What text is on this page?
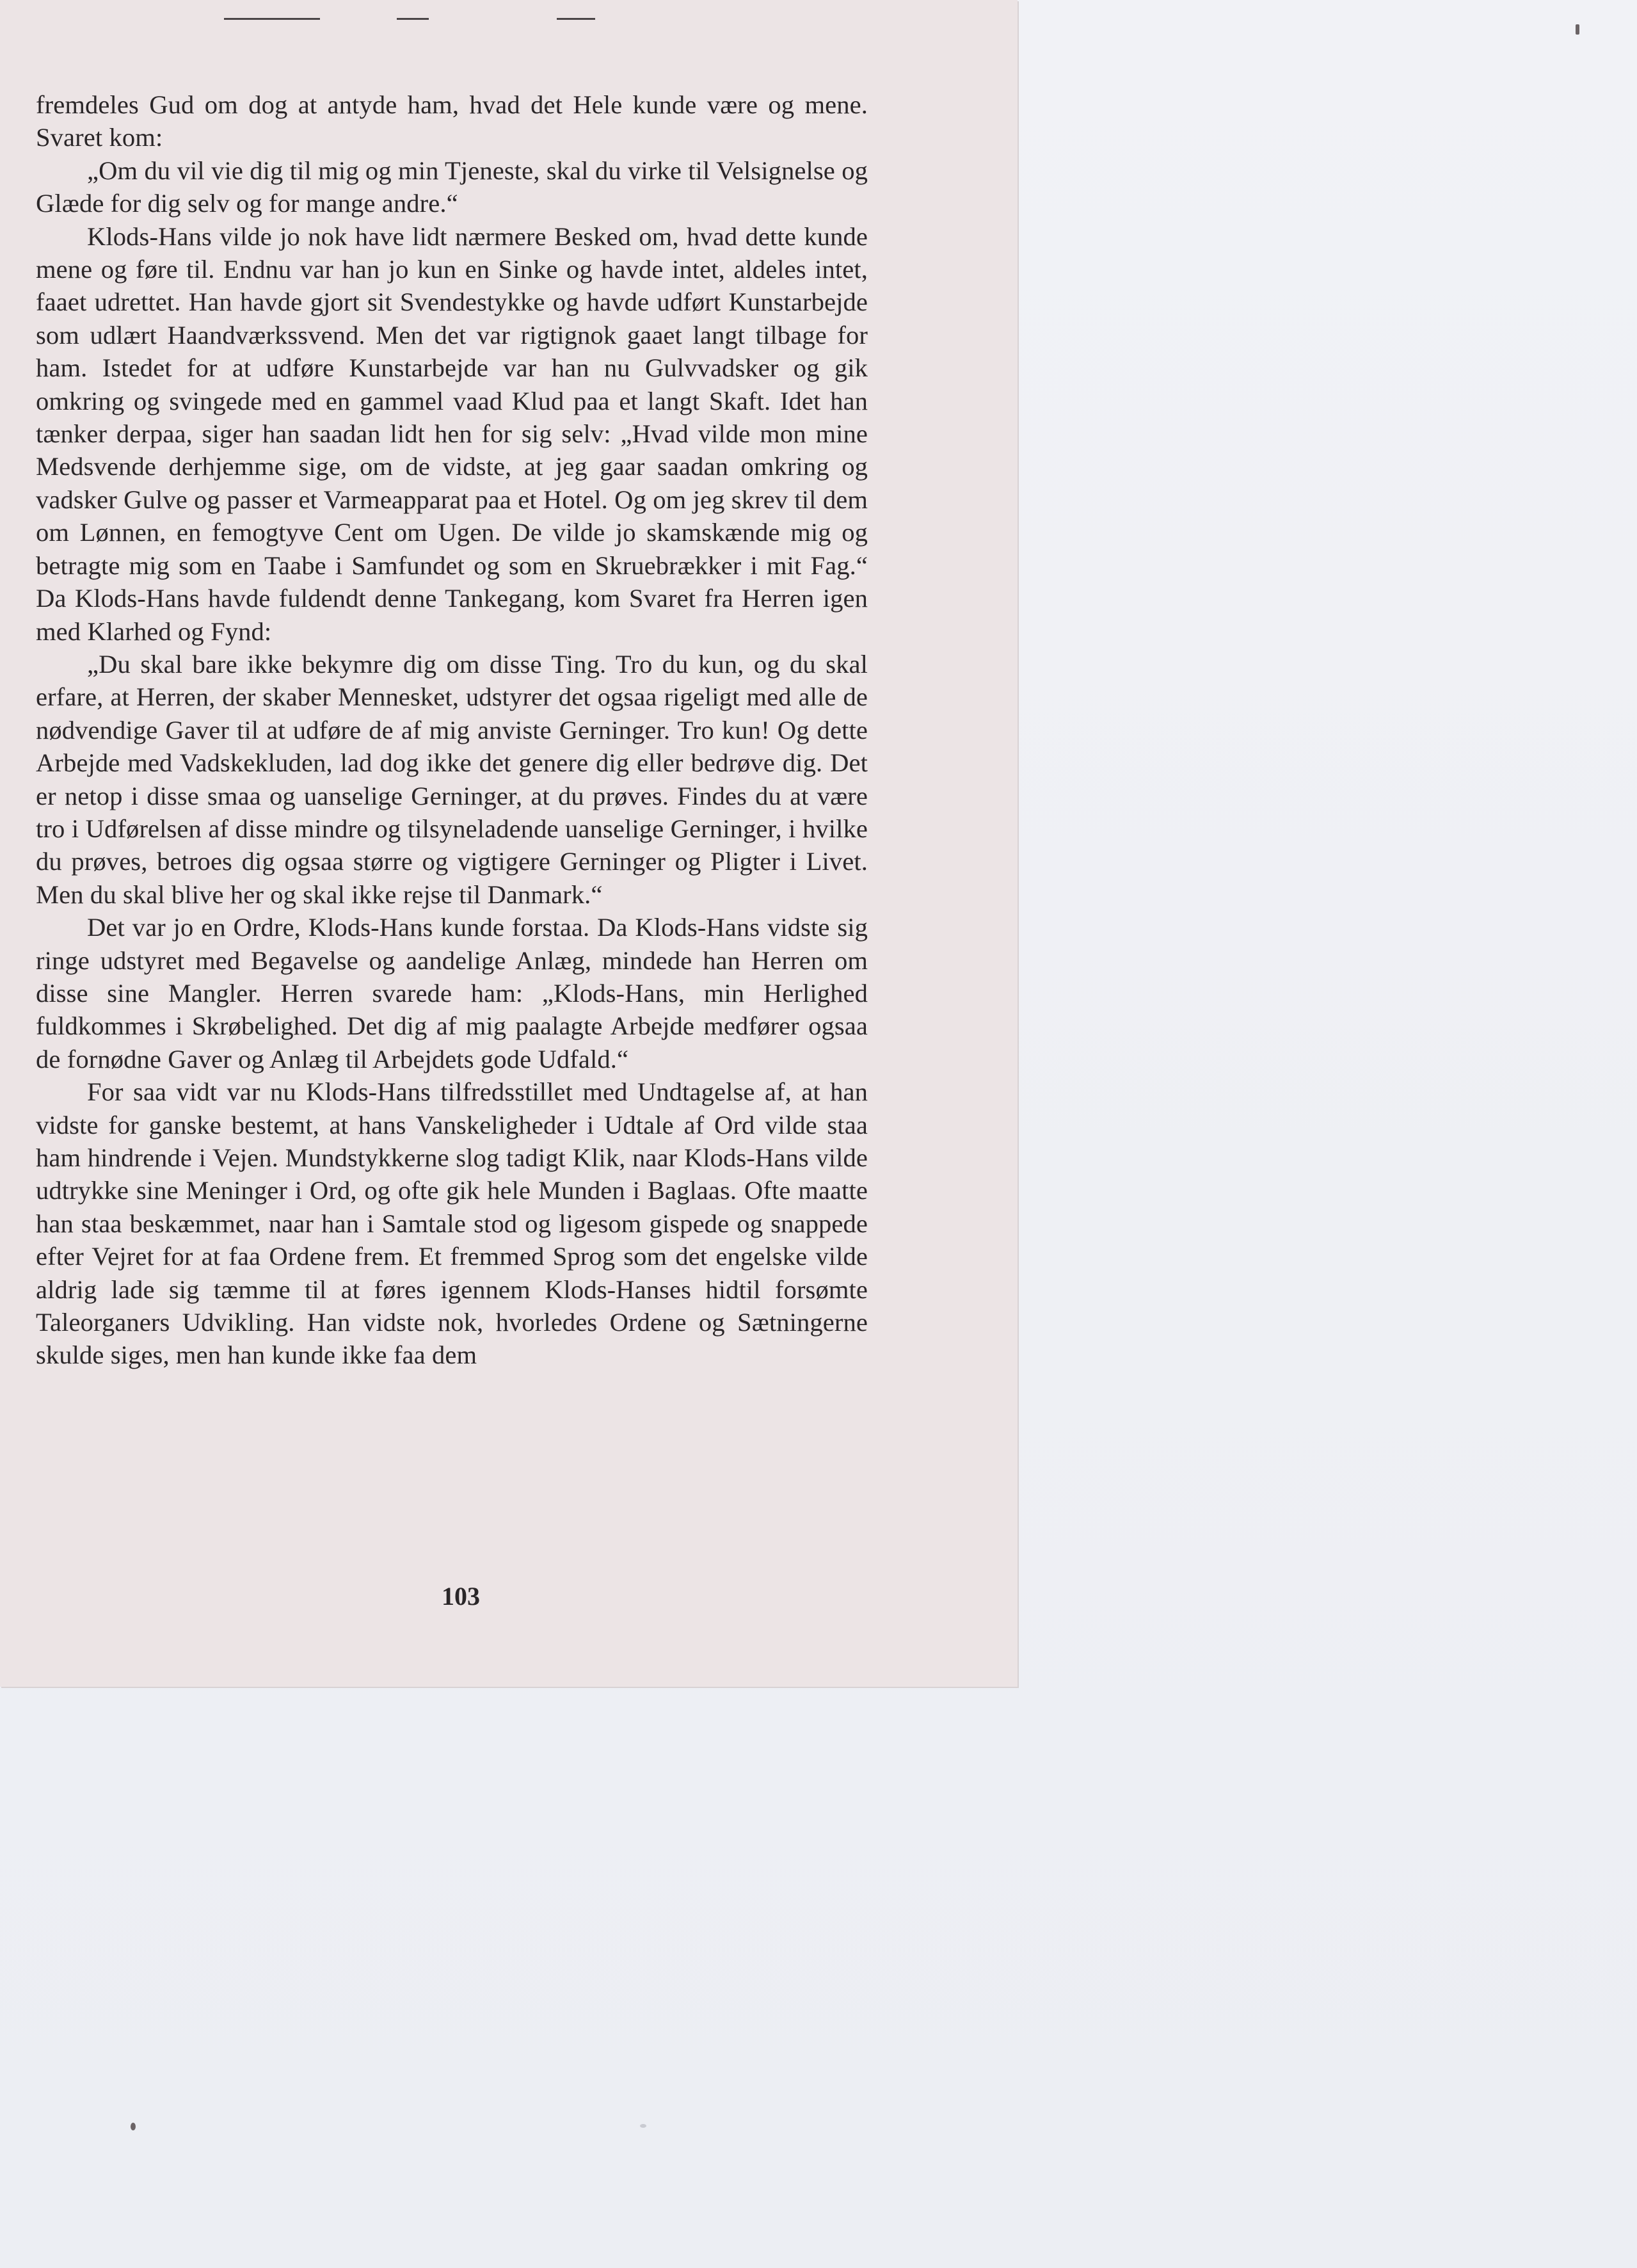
fremdeles Gud om dog at antyde ham, hvad det Hele kunde være og mene. Svaret kom:

„Om du vil vie dig til mig og min Tjeneste, skal du virke til Velsignelse og Glæde for dig selv og for mange andre.“

Klods-Hans vilde jo nok have lidt nærmere Besked om, hvad dette kunde mene og føre til. Endnu var han jo kun en Sinke og havde intet, aldeles intet, faaet udrettet. Han havde gjort sit Svendestykke og havde udført Kunstarbejde som udlært Haandværkssvend. Men det var rigtignok gaaet langt tilbage for ham. Istedet for at udføre Kunstarbejde var han nu Gulvvadsker og gik omkring og svingede med en gammel vaad Klud paa et langt Skaft. Idet han tænker derpaa, siger han saadan lidt hen for sig selv: „Hvad vilde mon mine Medsvende derhjemme sige, om de vidste, at jeg gaar saadan omkring og vadsker Gulve og passer et Varmeapparat paa et Hotel. Og om jeg skrev til dem om Lønnen, en femogtyve Cent om Ugen. De vilde jo skamskænde mig og betragte mig som en Taabe i Samfundet og som en Skruebrækker i mit Fag.“ Da Klods-Hans havde fuldendt denne Tankegang, kom Svaret fra Herren igen med Klarhed og Fynd:

„Du skal bare ikke bekymre dig om disse Ting. Tro du kun, og du skal erfare, at Herren, der skaber Mennesket, udstyrer det ogsaa rigeligt med alle de nødvendige Gaver til at udføre de af mig anviste Gerninger. Tro kun! Og dette Arbejde med Vadskekluden, lad dog ikke det genere dig eller bedrøve dig. Det er netop i disse smaa og uanselige Gerninger, at du prøves. Findes du at være tro i Udførelsen af disse mindre og tilsyneladende uanselige Gerninger, i hvilke du prøves, betroes dig ogsaa større og vigtigere Gerninger og Pligter i Livet. Men du skal blive her og skal ikke rejse til Danmark.“

Det var jo en Ordre, Klods-Hans kunde forstaa. Da Klods-Hans vidste sig ringe udstyret med Begavelse og aandelige Anlæg, mindede han Herren om disse sine Mangler. Herren svarede ham: „Klods-Hans, min Herlighed fuldkommes i Skrøbelighed. Det dig af mig paalagte Arbejde medfører ogsaa de fornødne Gaver og Anlæg til Arbejdets gode Udfald.“

For saa vidt var nu Klods-Hans tilfredsstillet med Undtagelse af, at han vidste for ganske bestemt, at hans Vanskeligheder i Udtale af Ord vilde staa ham hindrende i Vejen. Mundstykkerne slog tadigt Klik, naar Klods-Hans vilde udtrykke sine Meninger i Ord, og ofte gik hele Munden i Baglaas. Ofte maatte han staa beskæmmet, naar han i Samtale stod og ligesom gispede og snappede efter Vejret for at faa Ordene frem. Et fremmed Sprog som det engelske vilde aldrig lade sig tæmme til at føres igennem Klods-Hanses hidtil forsømte Taleorganers Udvikling. Han vidste nok, hvorledes Ordene og Sætningerne skulde siges, men han kunde ikke faa dem

103
